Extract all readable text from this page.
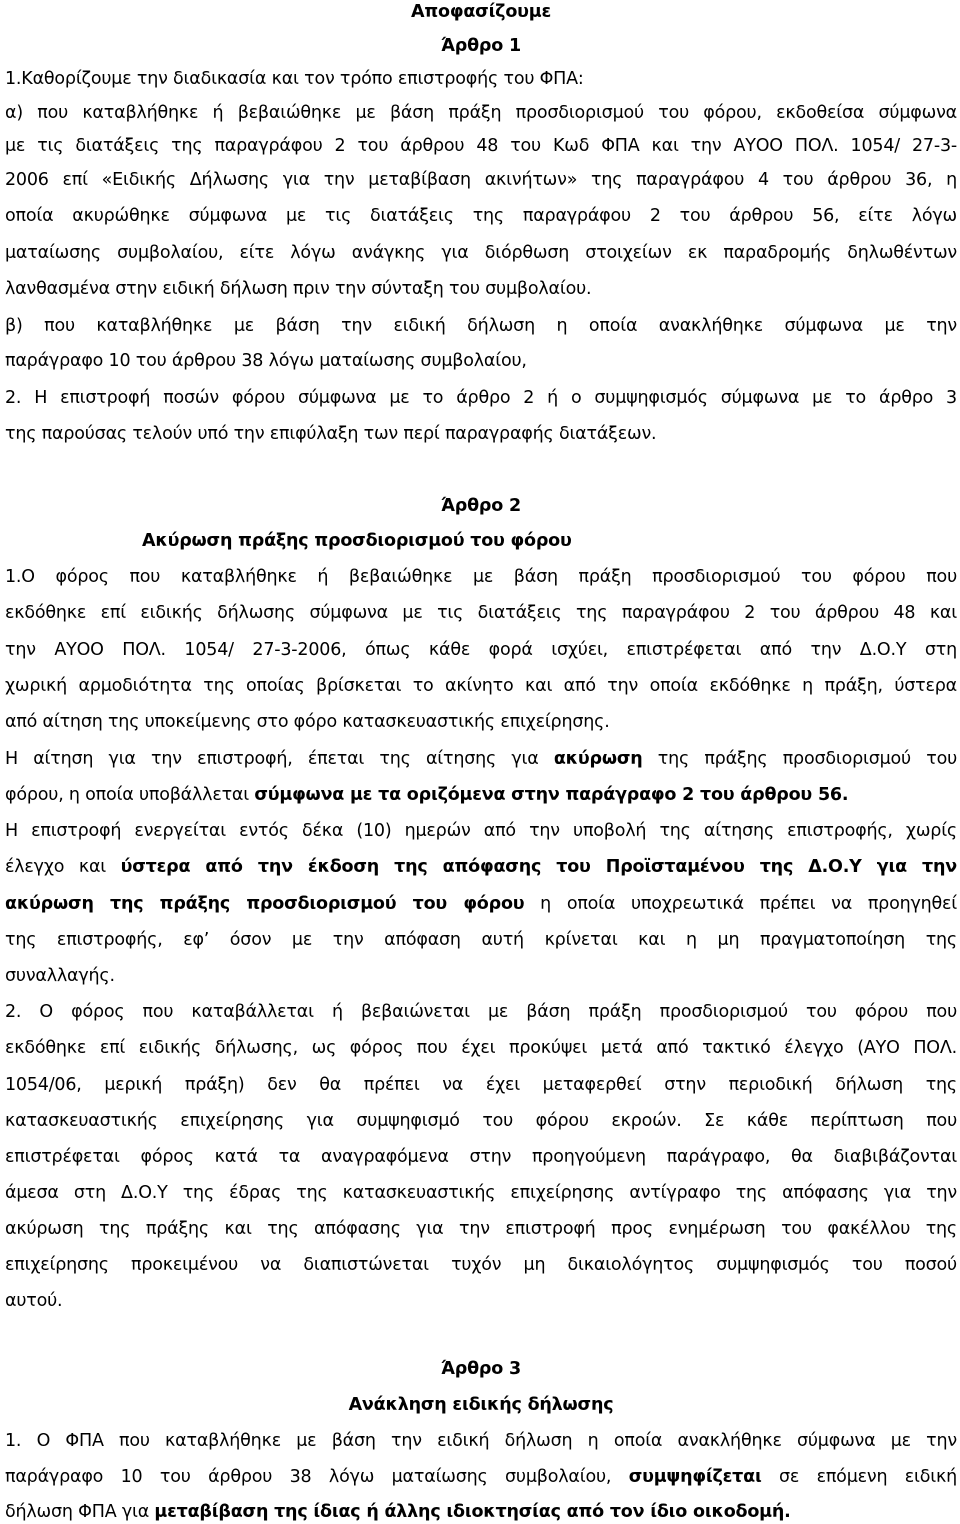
Αποφασίζουμε
Άρθρο 1
1.Καθορίζουμε την διαδικασία και τον τρόπο επιστροφής του ΦΠΑ:
α) που καταβλήθηκε ή βεβαιώθηκε με βάση πράξη προσδιορισμού του φόρου, εκδοθείσα σύμφωνα
με τις διατάξεις της παραγράφου 2 του άρθρου 48 του Κωδ ΦΠΑ και την ΑΥΟΟ ΠΟΛ. 1054/ 27-3-
2006 επί «Ειδικής Δήλωσης για την μεταβίβαση ακινήτων» της παραγράφου 4 του άρθρου 36, η
οποία ακυρώθηκε σύμφωνα με τις διατάξεις της παραγράφου 2 του άρθρου 56, είτε λόγω
ματαίωσης συμβολαίου, είτε λόγω ανάγκης για διόρθωση στοιχείων εκ παραδρομής δηλωθέντων
λανθασμένα στην ειδική δήλωση πριν την σύνταξη του συμβολαίου.
β) που καταβλήθηκε με βάση την ειδική δήλωση η οποία ανακλήθηκε σύμφωνα με την
παράγραφο 10 του άρθρου 38 λόγω ματαίωσης συμβολαίου,
2. Η επιστροφή ποσών φόρου σύμφωνα με το άρθρο 2 ή ο συμψηφισμός σύμφωνα με το άρθρο 3
της παρούσας τελούν υπό την επιφύλαξη των περί παραγραφής διατάξεων.
Άρθρο 2
Ακύρωση πράξης προσδιορισμού του φόρου
1.Ο φόρος που καταβλήθηκε ή βεβαιώθηκε με βάση πράξη προσδιορισμού του φόρου που
εκδόθηκε επί ειδικής δήλωσης σύμφωνα με τις διατάξεις της παραγράφου 2 του άρθρου 48 και
την ΑΥΟΟ ΠΟΛ. 1054/ 27-3-2006, όπως κάθε φορά ισχύει, επιστρέφεται από την Δ.Ο.Υ στη
χωρική αρμοδιότητα της οποίας βρίσκεται το ακίνητο και από την οποία εκδόθηκε η πράξη, ύστερα
από αίτηση της υποκείμενης στο φόρο κατασκευαστικής επιχείρησης.
Η αίτηση για την επιστροφή, έπεται της αίτησης για ακύρωση της πράξης προσδιορισμού του
φόρου, η οποία υποβάλλεται σύμφωνα με τα οριζόμενα στην παράγραφο 2 του άρθρου 56.
Η επιστροφή ενεργείται εντός δέκα (10) ημερών από την υποβολή της αίτησης επιστροφής, χωρίς
έλεγχο και ύστερα από την έκδοση της απόφασης του Προϊσταμένου της Δ.Ο.Υ για την
ακύρωση της πράξης προσδιορισμού του φόρου η οποία υποχρεωτικά πρέπει να προηγηθεί
της επιστροφής, εφ’ όσον με την απόφαση αυτή κρίνεται και η μη πραγματοποίηση της
συναλλαγής.
2. Ο φόρος που καταβάλλεται ή βεβαιώνεται με βάση πράξη προσδιορισμού του φόρου που
εκδόθηκε επί ειδικής δήλωσης, ως φόρος που έχει προκύψει μετά από τακτικό έλεγχο (ΑΥΟ ΠΟΛ.
1054/06, μερική πράξη) δεν θα πρέπει να έχει μεταφερθεί στην περιοδική δήλωση της
κατασκευαστικής επιχείρησης για συμψηφισμό του φόρου εκροών. Σε κάθε περίπτωση που
επιστρέφεται φόρος κατά τα αναγραφόμενα στην προηγούμενη παράγραφο, θα διαβιβάζονται
άμεσα στη Δ.Ο.Υ της έδρας της κατασκευαστικής επιχείρησης αντίγραφο της απόφασης για την
ακύρωση της πράξης και της απόφασης για την επιστροφή προς ενημέρωση του φακέλλου της
επιχείρησης προκειμένου να διαπιστώνεται τυχόν μη δικαιολόγητος συμψηφισμός του ποσού
αυτού.
Άρθρο 3
Ανάκληση ειδικής δήλωσης
1. Ο ΦΠΑ που καταβλήθηκε με βάση την ειδική δήλωση η οποία ανακλήθηκε σύμφωνα με την
παράγραφο 10 του άρθρου 38 λόγω ματαίωσης συμβολαίου, συμψηφίζεται σε επόμενη ειδική
δήλωση ΦΠΑ για μεταβίβαση της ίδιας ή άλλης ιδιοκτησίας από τον ίδιο οικοδομή.
